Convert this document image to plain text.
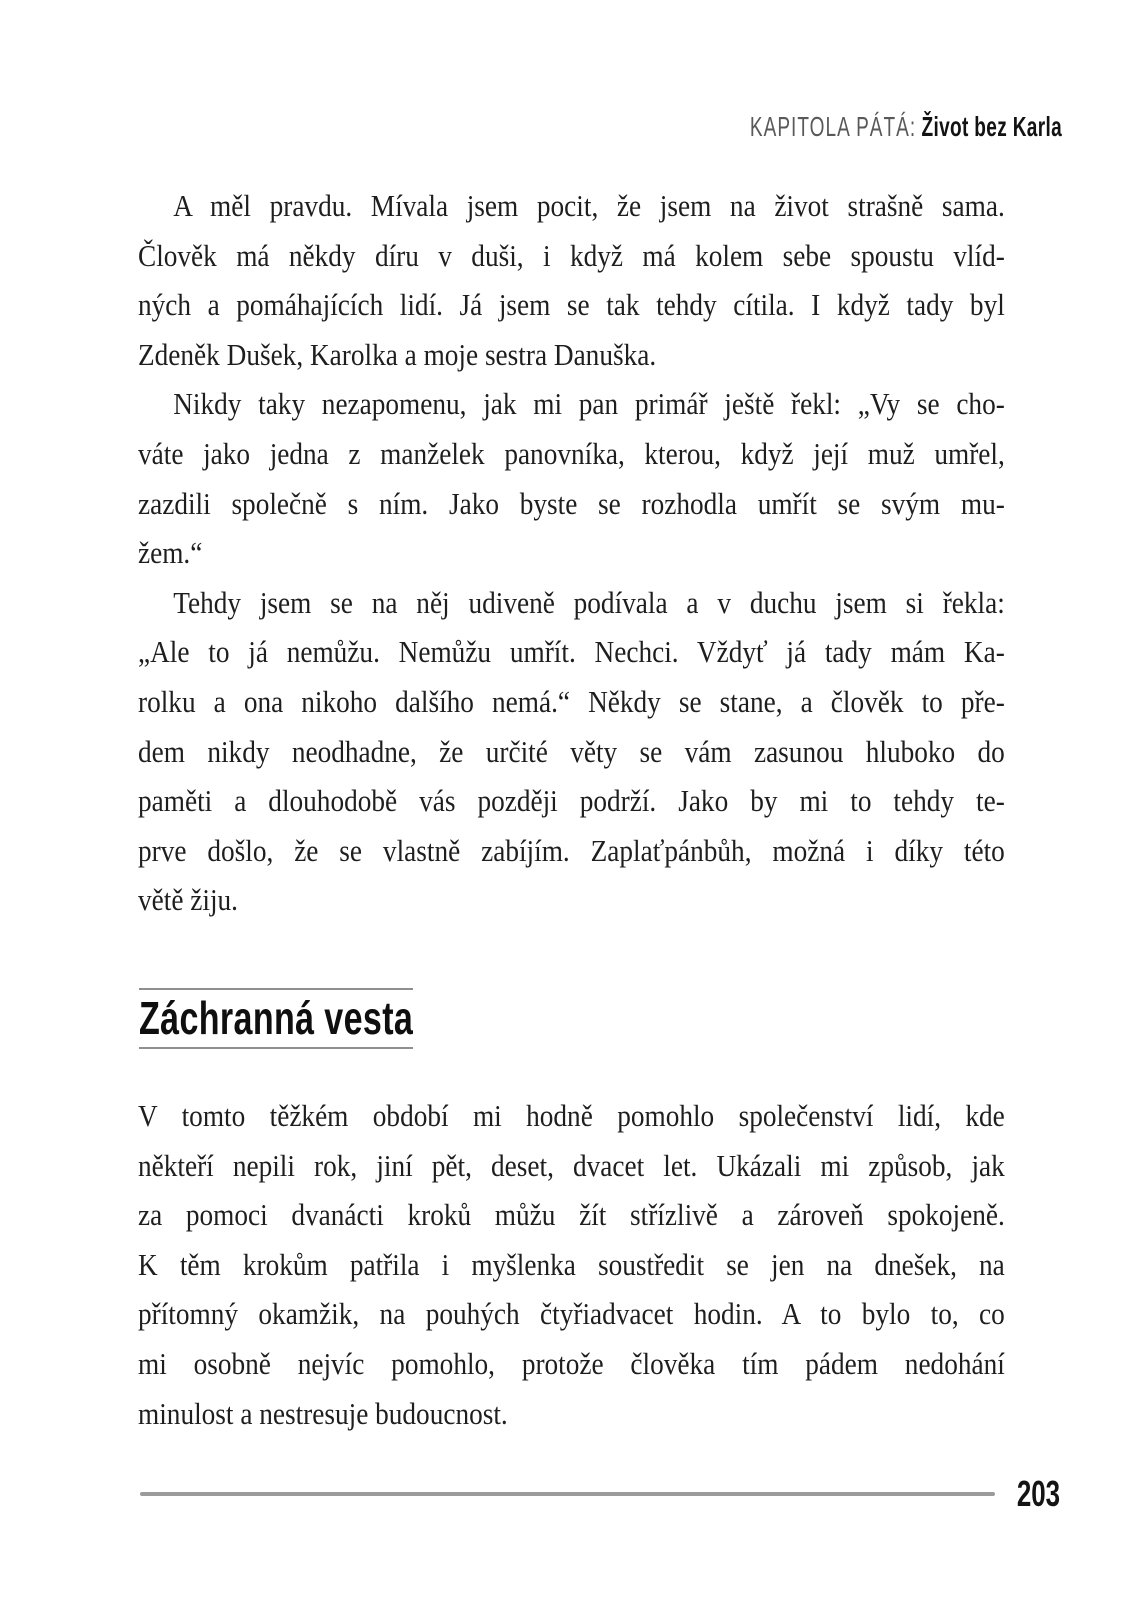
KAPITOLA PÁTÁ: Život bez Karla
A měl pravdu. Mívala jsem pocit, že jsem na život strašně sama.
Člověk má někdy díru v duši, i když má kolem sebe spoustu vlíd-
ných a pomáhajících lidí. Já jsem se tak tehdy cítila. I když tady byl
Zdeněk Dušek, Karolka a moje sestra Danuška.
Nikdy taky nezapomenu, jak mi pan primář ještě řekl: „Vy se cho-
váte jako jedna z manželek panovníka, kterou, když její muž umřel,
zazdili společně s ním. Jako byste se rozhodla umřít se svým mu-
žem.“
Tehdy jsem se na něj udiveně podívala a v duchu jsem si řekla:
„Ale to já nemůžu. Nemůžu umřít. Nechci. Vždyť já tady mám Ka-
rolku a ona nikoho dalšího nemá.“ Někdy se stane, a člověk to pře-
dem nikdy neodhadne, že určité věty se vám zasunou hluboko do
paměti a dlouhodobě vás později podrží. Jako by mi to tehdy te-
prve došlo, že se vlastně zabíjím. Zaplaťpánbůh, možná i díky této
větě žiju.
Záchranná vesta
V tomto těžkém období mi hodně pomohlo společenství lidí, kde
někteří nepili rok, jiní pět, deset, dvacet let. Ukázali mi způsob, jak
za pomoci dvanácti kroků můžu žít střízlivě a zároveň spokojeně.
K těm krokům patřila i myšlenka soustředit se jen na dnešek, na
přítomný okamžik, na pouhých čtyřiadvacet hodin. A to bylo to, co
mi osobně nejvíc pomohlo, protože člověka tím pádem nedohání
minulost a nestresuje budoucnost.
203
